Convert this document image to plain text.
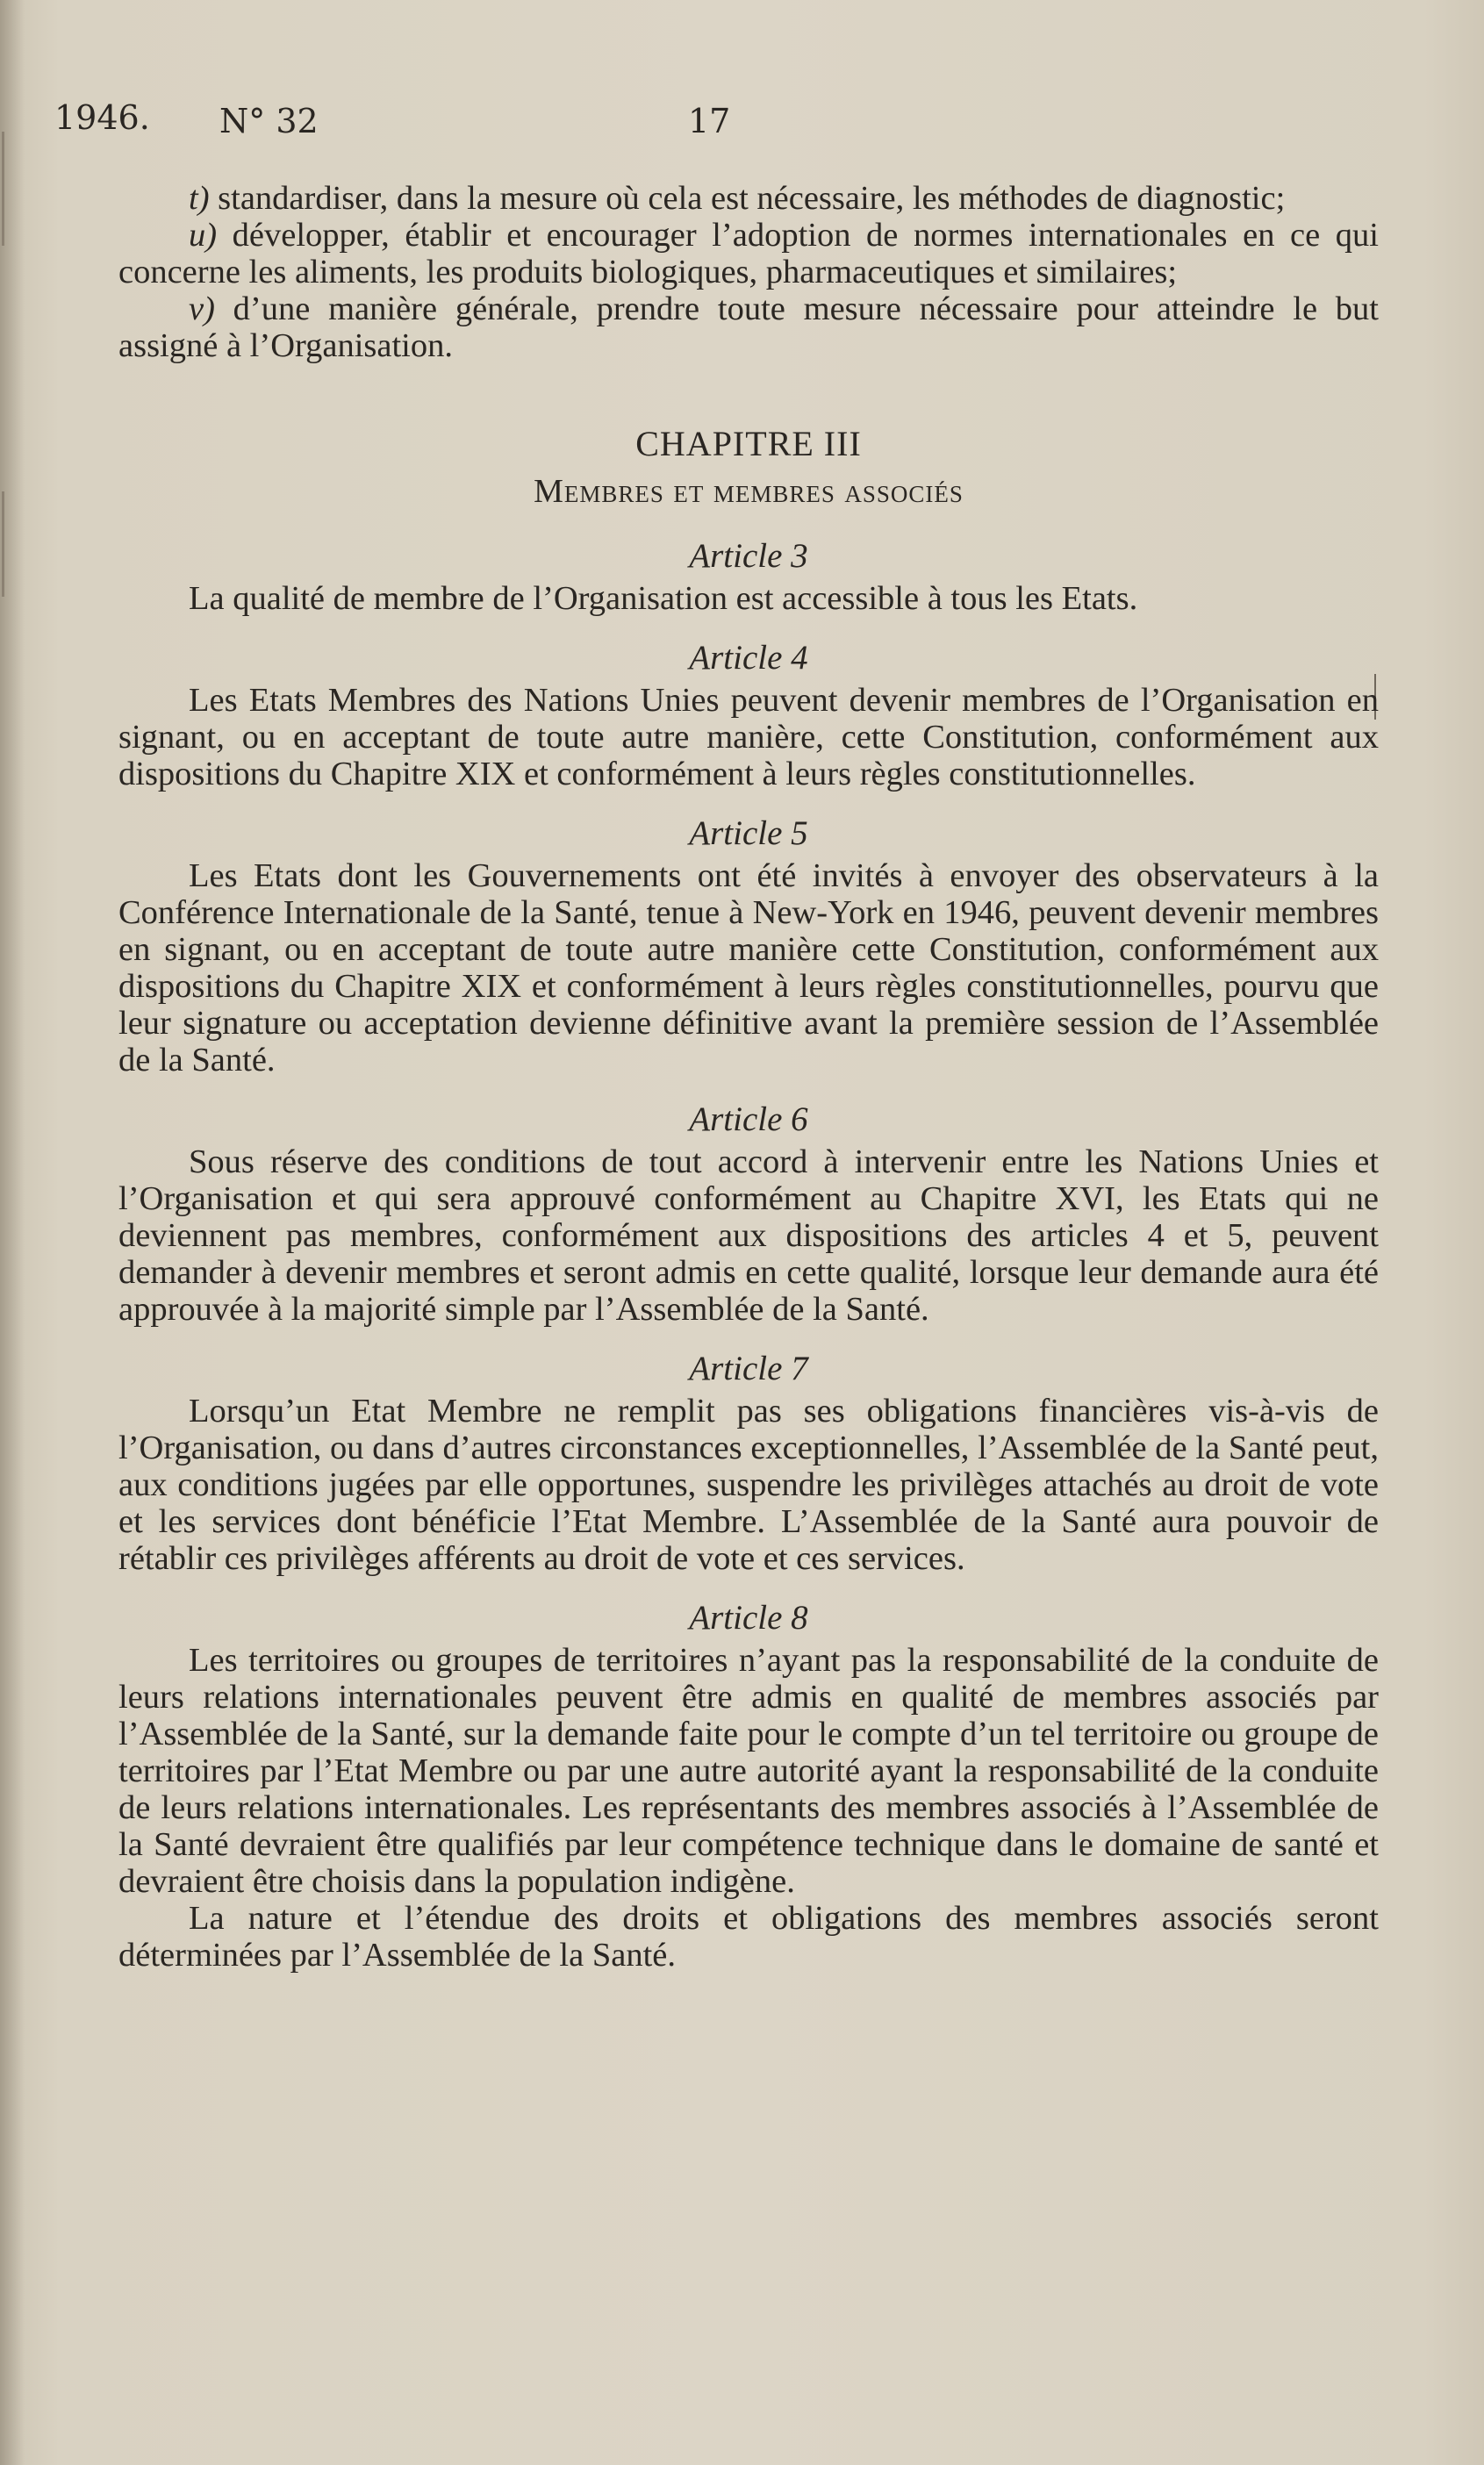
1946. N° 32	17

t) standardiser, dans la mesure où cela est nécessaire, les méthodes de diagnostic;

u) développer, établir et encourager l’adoption de normes internationales en ce qui concerne les aliments, les produits biologiques, pharmaceutiques et similaires;

v) d’une manière générale, prendre toute mesure nécessaire pour atteindre le but assigné à l’Organisation.

CHAPITRE III
Membres et membres associés
Article 3

La qualité de membre de l’Organisation est accessible à tous les Etats.

Article 4

Les Etats Membres des Nations Unies peuvent devenir membres de l’Organisation en signant, ou en acceptant de toute autre manière, cette Constitution, conformément aux dispositions du Chapitre XIX et conformément à leurs règles constitutionnelles.

Article 5

Les Etats dont les Gouvernements ont été invités à envoyer des observateurs à la Conférence Internationale de la Santé, tenue à New-York en 1946, peuvent devenir membres en signant, ou en acceptant de toute autre manière cette Constitution, conformément aux dispositions du Chapitre XIX et conformément à leurs règles constitutionnelles, pourvu que leur signature ou acceptation devienne définitive avant la première session de l’Assemblée de la Santé.

Article 6

Sous réserve des conditions de tout accord à intervenir entre les Nations Unies et l’Organisation et qui sera approuvé conformément au Chapitre XVI, les Etats qui ne deviennent pas membres, conformément aux dispositions des articles 4 et 5, peuvent demander à devenir membres et seront admis en cette qualité, lorsque leur demande aura été approuvée à la majorité simple par l’Assemblée de la Santé.

Article 7

Lorsqu’un Etat Membre ne remplit pas ses obligations financières vis-à-vis de l’Organisation, ou dans d’autres circonstances exceptionnelles, l’Assemblée de la Santé peut, aux conditions jugées par elle opportunes, suspendre les privilèges attachés au droit de vote et les services dont bénéficie l’Etat Membre. L’Assemblée de la Santé aura pouvoir de rétablir ces privilèges afférents au droit de vote et ces services.

Article 8

Les territoires ou groupes de territoires n’ayant pas la responsabilité de la conduite de leurs relations internationales peuvent être admis en qualité de membres associés par l’Assemblée de la Santé, sur la demande faite pour le compte d’un tel territoire ou groupe de territoires par l’Etat Membre ou par une autre autorité ayant la responsabilité de la conduite de leurs relations internationales. Les représentants des membres associés à l’Assemblée de la Santé devraient être qualifiés par leur compétence technique dans le domaine de santé et devraient être choisis dans la population indigène.

La nature et l’étendue des droits et obligations des membres associés seront déterminées par l’Assemblée de la Santé.
